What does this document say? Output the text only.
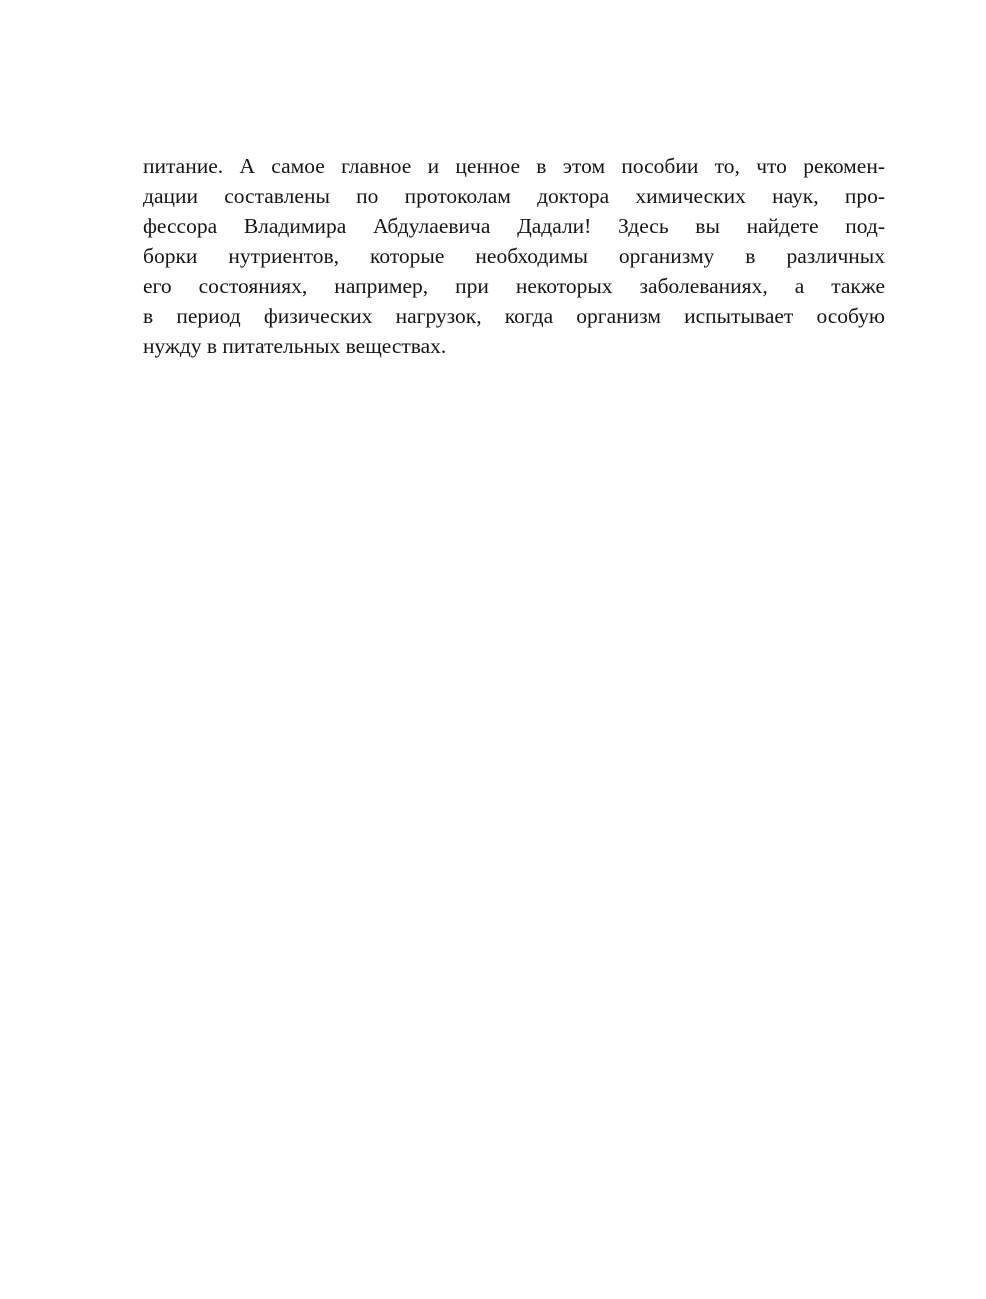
питание. А самое главное и ценное в этом пособии то, что рекомен-
дации составлены по протоколам доктора химических наук, про-
фессора Владимира Абдулаевича Дадали! Здесь вы найдете под-
борки нутриентов, которые необходимы организму в различных
его состояниях, например, при некоторых заболеваниях, а также
в период физических нагрузок, когда организм испытывает особую
нужду в питательных веществах.
